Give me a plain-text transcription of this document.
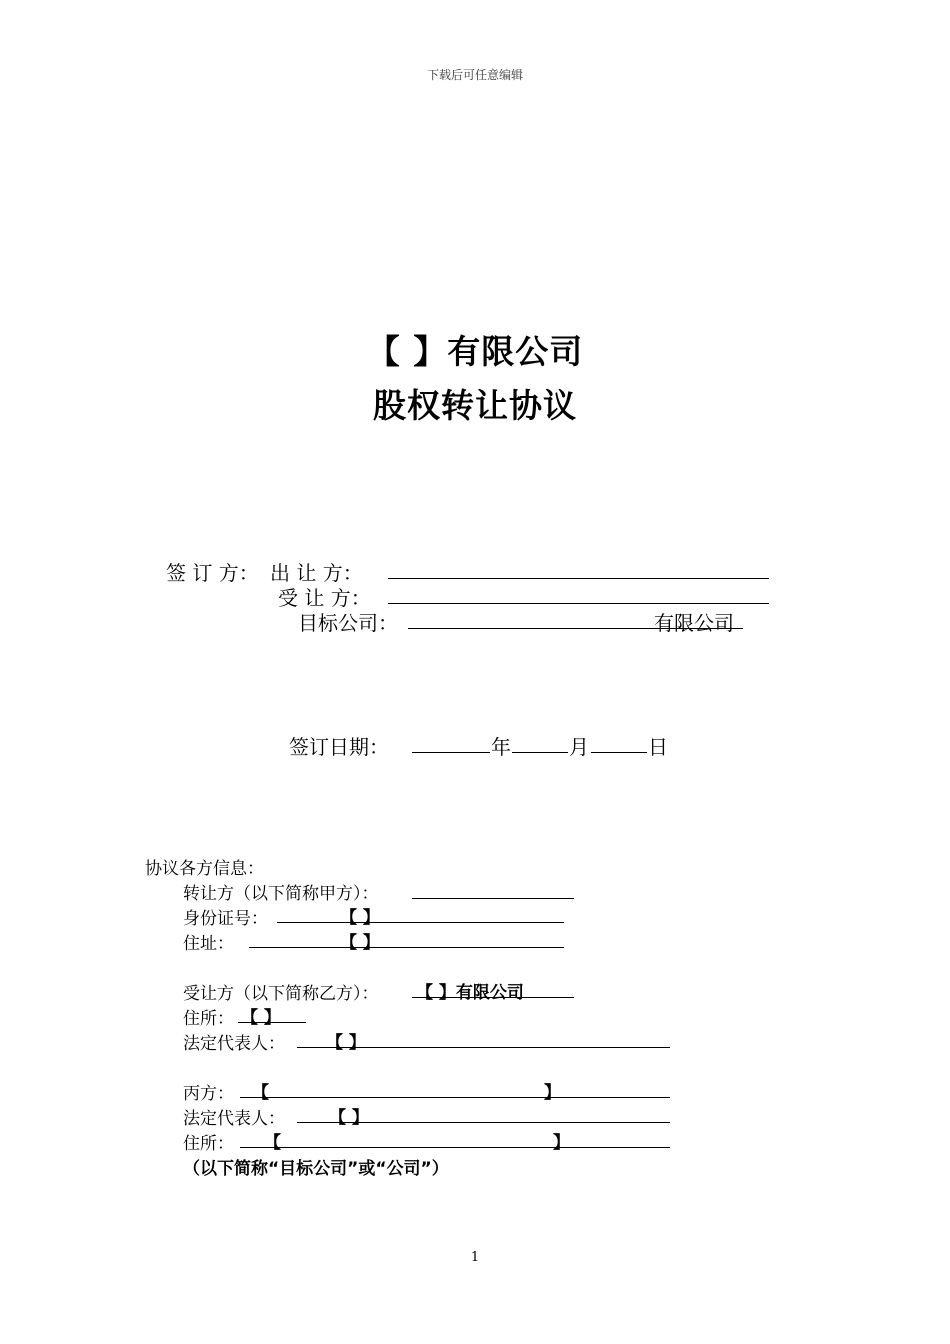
下载后可任意编辑
【 】有限公司
股权转让协议
签 订 方： 出 让 方：
受 让 方：
目标公司：	有限公司
签订日期：	年	月	日
协议各方信息：
转让方（以下简称甲方）：
身份证号：	【 】
住址：	【 】
受让方（以下简称乙方）： 【 】有限公司
住所： 【 】
法定代表人： 【 】
丙方： 【	】
法定代表人：	【 】
住所： 【	】
（以下简称“目标公司”或“公司”）
1
